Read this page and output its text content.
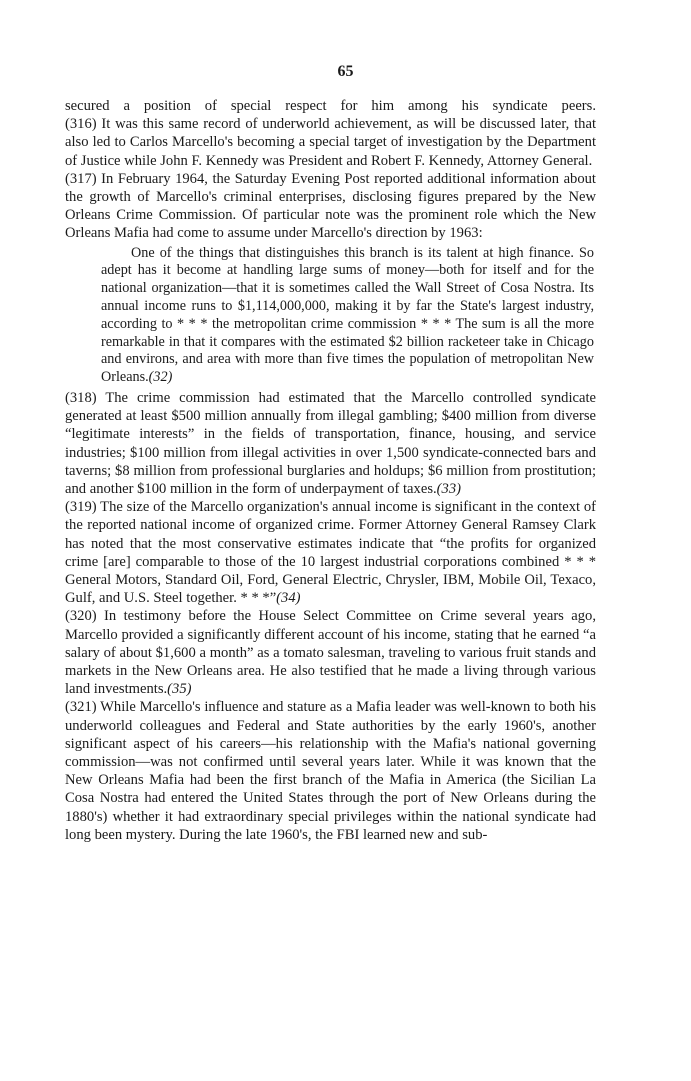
65

secured a position of special respect for him among his syndicate peers.

(316) It was this same record of underworld achievement, as will be discussed later, that also led to Carlos Marcello's becoming a special target of investigation by the Department of Justice while John F. Kennedy was President and Robert F. Kennedy, Attorney General.

(317) In February 1964, the Saturday Evening Post reported additional information about the growth of Marcello's criminal enterprises, disclosing figures prepared by the New Orleans Crime Commission. Of particular note was the prominent role which the New Orleans Mafia had come to assume under Marcello's direction by 1963:

One of the things that distinguishes this branch is its talent at high finance. So adept has it become at handling large sums of money—both for itself and for the national organization—that it is sometimes called the Wall Street of Cosa Nostra. Its annual income runs to $1,114,000,000, making it by far the State's largest industry, according to * * * the metropolitan crime commission * * * The sum is all the more remarkable in that it compares with the estimated $2 billion racketeer take in Chicago and environs, and area with more than five times the population of metropolitan New Orleans.(32)

(318) The crime commission had estimated that the Marcello controlled syndicate generated at least $500 million annually from illegal gambling; $400 million from diverse “legitimate interests” in the fields of transportation, finance, housing, and service industries; $100 million from illegal activities in over 1,500 syndicate-connected bars and taverns; $8 million from professional burglaries and holdups; $6 million from prostitution; and another $100 million in the form of underpayment of taxes.(33)

(319) The size of the Marcello organization's annual income is significant in the context of the reported national income of organized crime. Former Attorney General Ramsey Clark has noted that the most conservative estimates indicate that “the profits for organized crime [are] comparable to those of the 10 largest industrial corporations combined * * * General Motors, Standard Oil, Ford, General Electric, Chrysler, IBM, Mobile Oil, Texaco, Gulf, and U.S. Steel together. * * *”(34)

(320) In testimony before the House Select Committee on Crime several years ago, Marcello provided a significantly different account of his income, stating that he earned “a salary of about $1,600 a month” as a tomato salesman, traveling to various fruit stands and markets in the New Orleans area. He also testified that he made a living through various land investments.(35)

(321) While Marcello's influence and stature as a Mafia leader was well-known to both his underworld colleagues and Federal and State authorities by the early 1960's, another significant aspect of his careers—his relationship with the Mafia's national governing commission—was not confirmed until several years later. While it was known that the New Orleans Mafia had been the first branch of the Mafia in America (the Sicilian La Cosa Nostra had entered the United States through the port of New Orleans during the 1880's) whether it had extraordinary special privileges within the national syndicate had long been mystery. During the late 1960's, the FBI learned new and sub-
